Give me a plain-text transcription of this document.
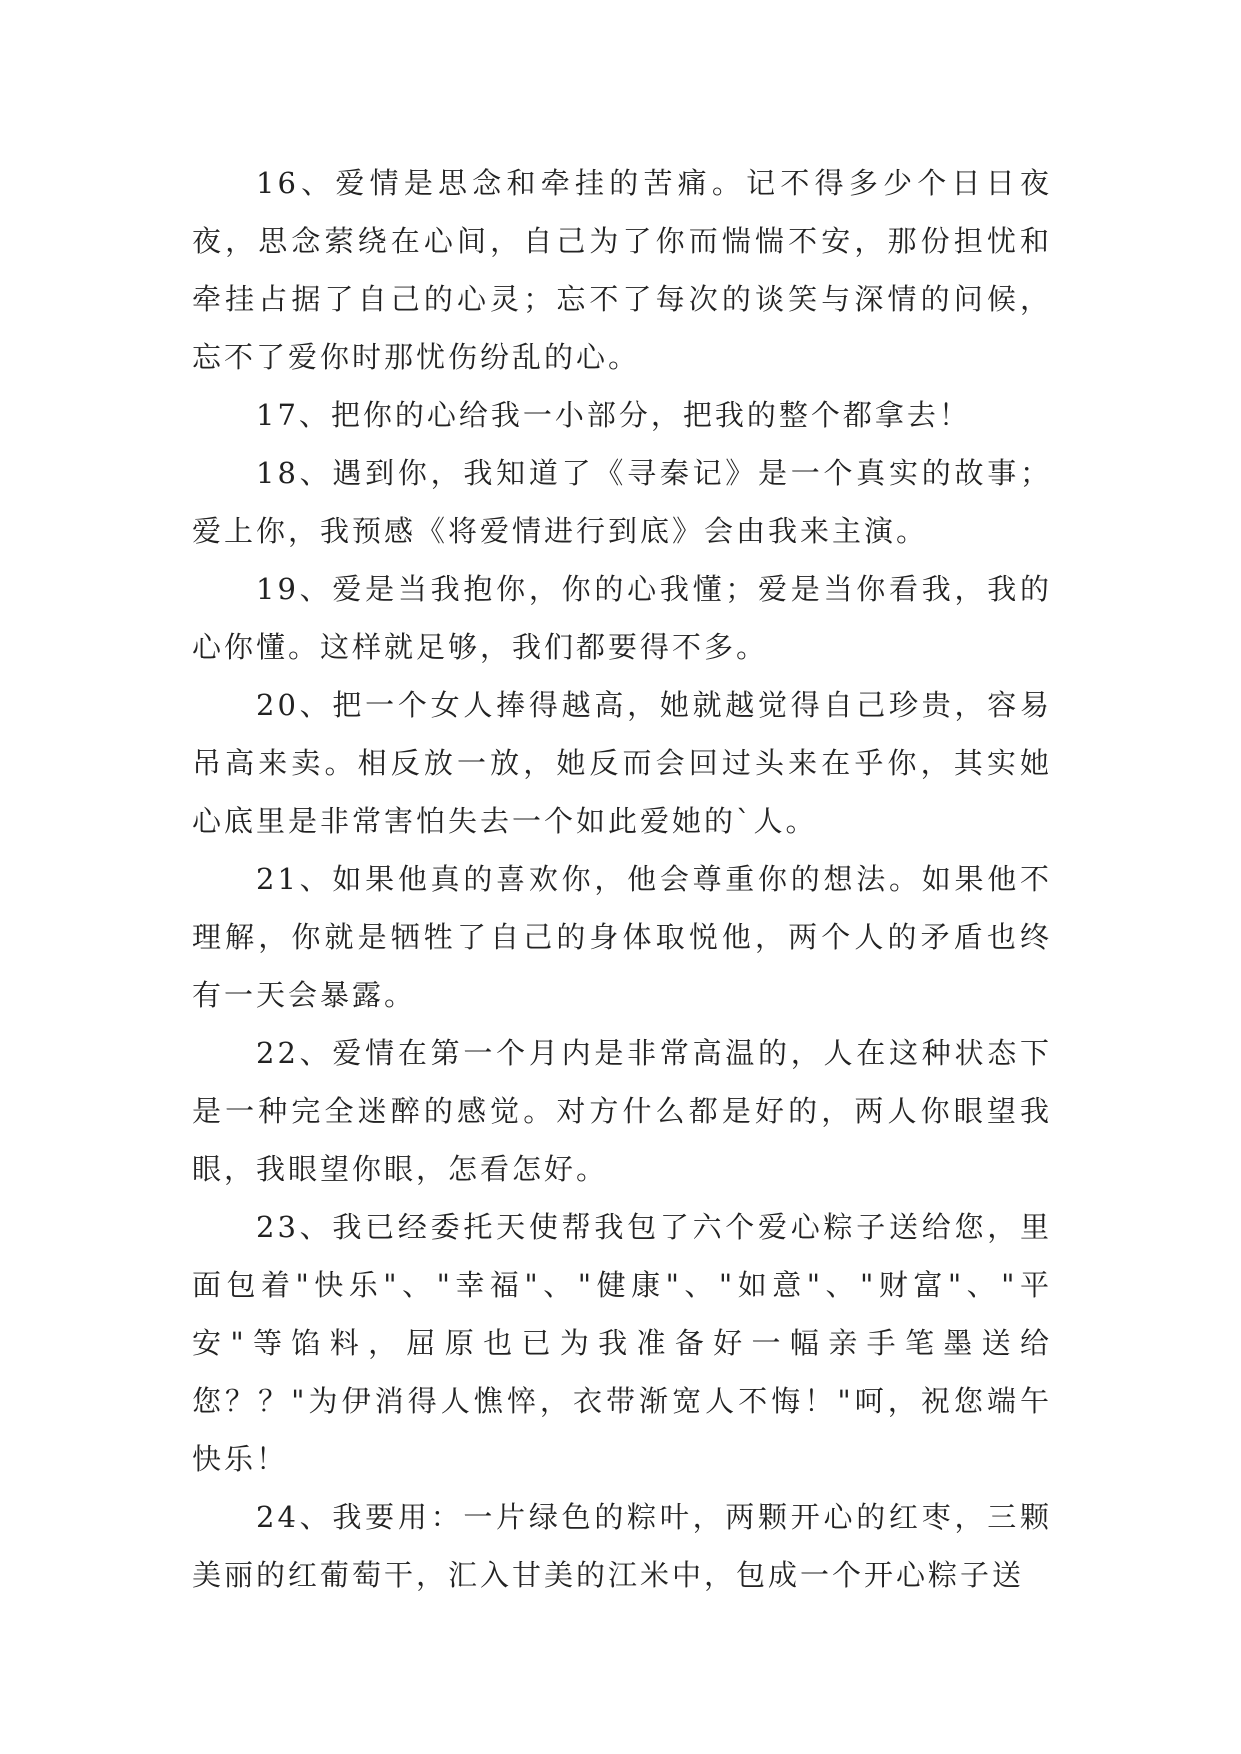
16、爱情是思念和牵挂的苦痛。记不得多少个日日夜夜，思念萦绕在心间，自己为了你而惴惴不安，那份担忧和牵挂占据了自己的心灵；忘不了每次的谈笑与深情的问候，忘不了爱你时那忧伤纷乱的心。

17、把你的心给我一小部分，把我的整个都拿去！

18、遇到你，我知道了《寻秦记》是一个真实的故事；爱上你，我预感《将爱情进行到底》会由我来主演。

19、爱是当我抱你，你的心我懂；爱是当你看我，我的心你懂。这样就足够，我们都要得不多。

20、把一个女人捧得越高，她就越觉得自己珍贵，容易吊高来卖。相反放一放，她反而会回过头来在乎你，其实她心底里是非常害怕失去一个如此爱她的`人。

21、如果他真的喜欢你，他会尊重你的想法。如果他不理解，你就是牺牲了自己的身体取悦他，两个人的矛盾也终有一天会暴露。

22、爱情在第一个月内是非常高温的，人在这种状态下是一种完全迷醉的感觉。对方什么都是好的，两人你眼望我眼，我眼望你眼，怎看怎好。

23、我已经委托天使帮我包了六个爱心粽子送给您，里面包着"快乐"、"幸福"、"健康"、"如意"、"财富"、"平安"等馅料，屈原也已为我准备好一幅亲手笔墨送给您？？"为伊消得人憔悴，衣带渐宽人不悔！"呵，祝您端午快乐！

24、我要用：一片绿色的粽叶，两颗开心的红枣，三颗美丽的红葡萄干，汇入甘美的江米中，包成一个开心粽子送
